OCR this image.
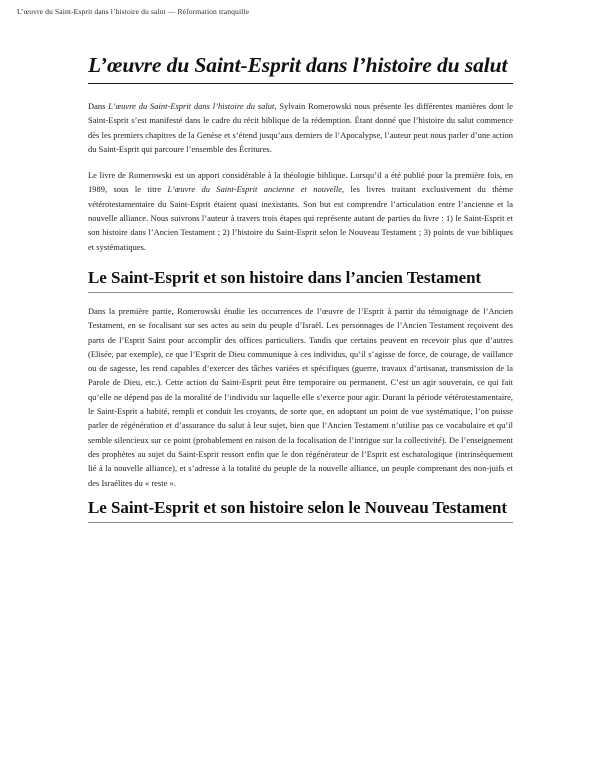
L’œuvre du Saint-Esprit dans l’histoire du salut — Réformation tranquille
L’œuvre du Saint-Esprit dans l’histoire du salut

Dans L’œuvre du Saint-Esprit dans l’histoire du salut, Sylvain Romerowski nous présente les différentes manières dont le Saint-Esprit s’est manifesté dans le cadre du récit biblique de la rédemption. Étant donné que l’histoire du salut commence dès les premiers chapitres de la Genèse et s’étend jusqu’aux derniers de l’Apocalypse, l’auteur peut nous parler d’une action du Saint-Esprit qui parcoure l’ensemble des Écritures.

Le livre de Romerowski est un apport considérable à la théologie biblique. Lorsqu’il a été publié pour la première fois, en 1989, sous le titre L’œuvre du Saint-Esprit ancienne et nouvelle, les livres traitant exclusivement du thème vétérotestamentaire du Saint-Esprit étaient quasi inexistants. Son but est comprendre l’articulation entre l’ancienne et la nouvelle alliance. Nous suivrons l’auteur à travers trois étapes qui représente autant de parties du livre : 1) le Saint-Esprit et son histoire dans l’Ancien Testament ; 2) l’histoire du Saint-Esprit selon le Nouveau Testament ; 3) points de vue bibliques et systématiques.

Le Saint-Esprit et son histoire dans l’ancien Testament

Dans la première partie, Romerowski étudie les occurrences de l’œuvre de l’Esprit à partir du témoignage de l’Ancien Testament, en se focalisant sur ses actes au sein du peuple d’Israël. Les personnages de l’Ancien Testament reçoivent des parts de l’Esprit Saint pour accomplir des offices particuliers. Tandis que certains peuvent en recevoir plus que d’autres (Elisée, par exemple), ce que l’Esprit de Dieu communique à ces individus, qu’il s’agisse de force, de courage, de vaillance ou de sagesse, les rend capables d’exercer des tâches variées et spécifiques (guerre, travaux d’artisanat, transmission de la Parole de Dieu, etc.). Cette action du Saint-Esprit peut être temporaire ou permanent. C’est un agir souverain, ce qui fait qu’elle ne dépend pas de la moralité de l’individu sur laquelle elle s’exerce pour agir. Durant la période vétérotestamentaire, le Saint-Esprit a habité, rempli et conduit les croyants, de sorte que, en adoptant un point de vue systématique, l’on puisse parler de régénération et d’assurance du salut à leur sujet, bien que l’Ancien Testament n’utilise pas ce vocabulaire et qu’il semble silencieux sur ce point (probablement en raison de la focalisation de l’intrigue sur la collectivité). De l’enseignement des prophètes au sujet du Saint-Esprit ressort enfin que le don régénérateur de l’Esprit est eschatologique (intrinsèquement lié à la nouvelle alliance), et s’adresse à la totalité du peuple de la nouvelle alliance, un peuple comprenant des non-juifs et des Israélites du « reste ».

Le Saint-Esprit et son histoire selon le Nouveau Testament
